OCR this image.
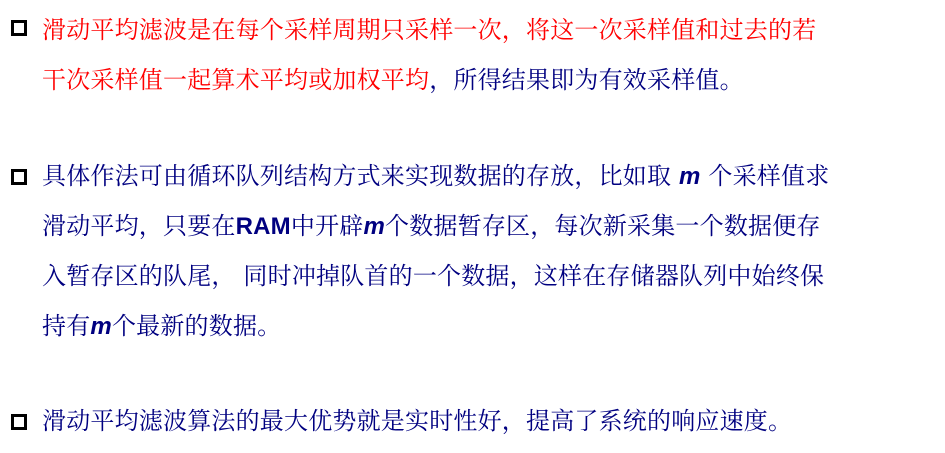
滑动平均滤波是在每个采样周期只采样一次，将这一次采样值和过去的若
干次采样值一起算术平均或加权平均，所得结果即为有效采样值。
具体作法可由循环队列结构方式来实现数据的存放，比如取 m 个采样值求
滑动平均，只要在RAM中开辟m个数据暂存区，每次新采集一个数据便存
入暂存区的队尾， 同时冲掉队首的一个数据，这样在存储器队列中始终保
持有m个最新的数据。
滑动平均滤波算法的最大优势就是实时性好，提高了系统的响应速度。
